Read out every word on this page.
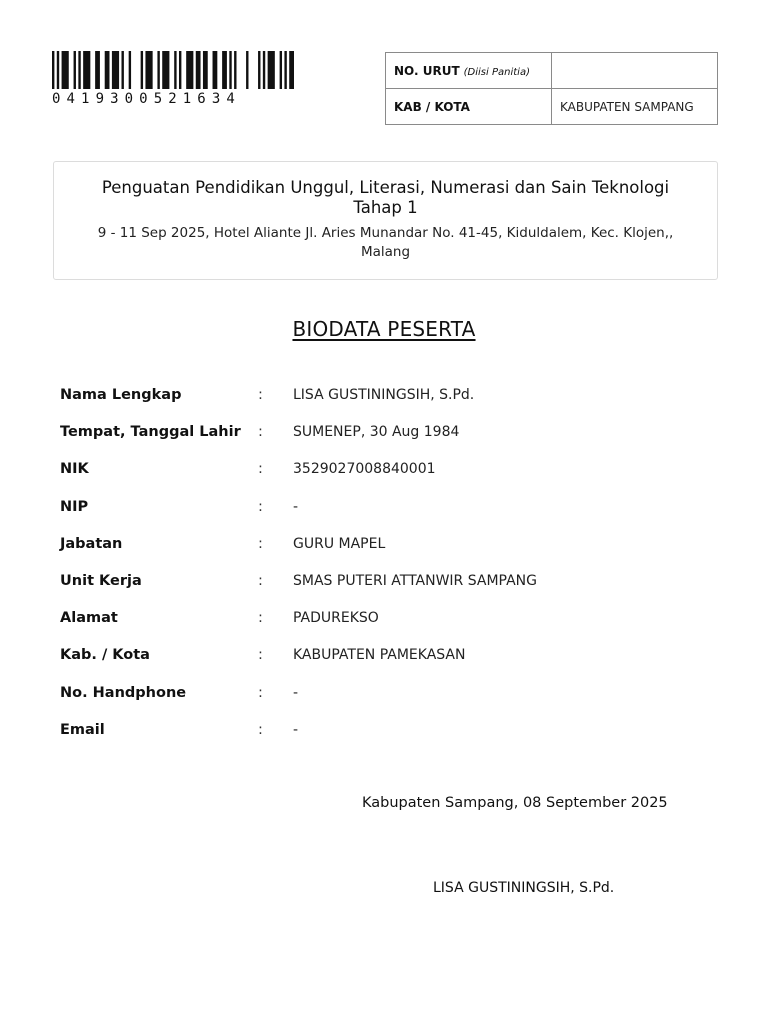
0419300521634
NO. URUT (Diisi Panitia)	
KAB / KOTA	KABUPATEN SAMPANG
Penguatan Pendidikan Unggul, Literasi, Numerasi dan Sain Teknologi
Tahap 1
9 - 11 Sep 2025, Hotel Aliante Jl. Aries Munandar No. 41-45, Kiduldalem, Kec. Klojen,, Malang
BIODATA PESERTA
Nama Lengkap	: LISA GUSTININGSIH, S.Pd.
Tempat, Tanggal Lahir : SUMENEP, 30 Aug 1984
NIK	: 3529027008840001
NIP	: -
Jabatan	: GURU MAPEL
Unit Kerja	: SMAS PUTERI ATTANWIR SAMPANG
Alamat	: PADUREKSO
Kab. / Kota	: KABUPATEN PAMEKASAN
No. Handphone	: -
Email	: -
Kabupaten Sampang, 08 September 2025
LISA GUSTININGSIH, S.Pd.
